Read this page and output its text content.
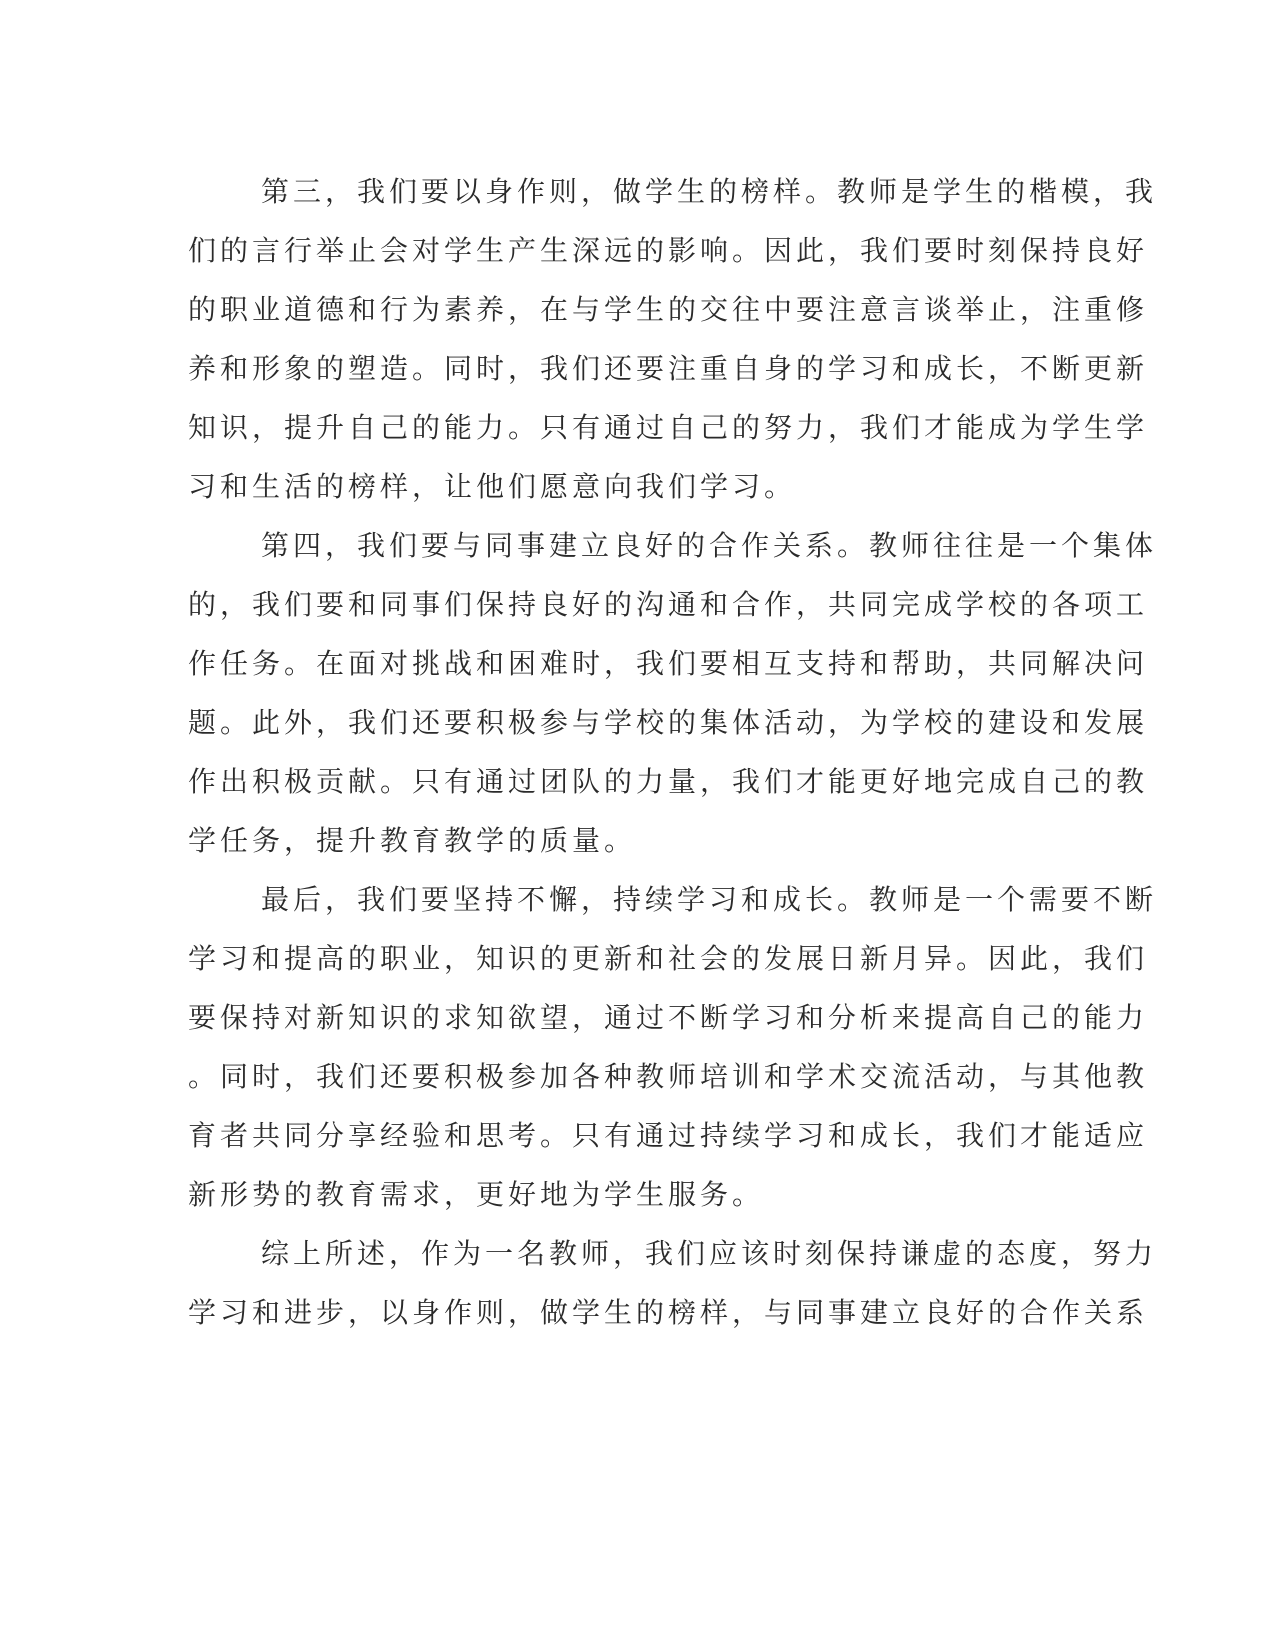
第三，我们要以身作则，做学生的榜样。教师是学生的楷模，我
们的言行举止会对学生产生深远的影响。因此，我们要时刻保持良好
的职业道德和行为素养，在与学生的交往中要注意言谈举止，注重修
养和形象的塑造。同时，我们还要注重自身的学习和成长，不断更新
知识，提升自己的能力。只有通过自己的努力，我们才能成为学生学
习和生活的榜样，让他们愿意向我们学习。

第四，我们要与同事建立良好的合作关系。教师往往是一个集体
的，我们要和同事们保持良好的沟通和合作，共同完成学校的各项工
作任务。在面对挑战和困难时，我们要相互支持和帮助，共同解决问
题。此外，我们还要积极参与学校的集体活动，为学校的建设和发展
作出积极贡献。只有通过团队的力量，我们才能更好地完成自己的教
学任务，提升教育教学的质量。

最后，我们要坚持不懈，持续学习和成长。教师是一个需要不断
学习和提高的职业，知识的更新和社会的发展日新月异。因此，我们
要保持对新知识的求知欲望，通过不断学习和分析来提高自己的能力
。同时，我们还要积极参加各种教师培训和学术交流活动，与其他教
育者共同分享经验和思考。只有通过持续学习和成长，我们才能适应
新形势的教育需求，更好地为学生服务。

综上所述，作为一名教师，我们应该时刻保持谦虚的态度，努力
学习和进步，以身作则，做学生的榜样，与同事建立良好的合作关系
